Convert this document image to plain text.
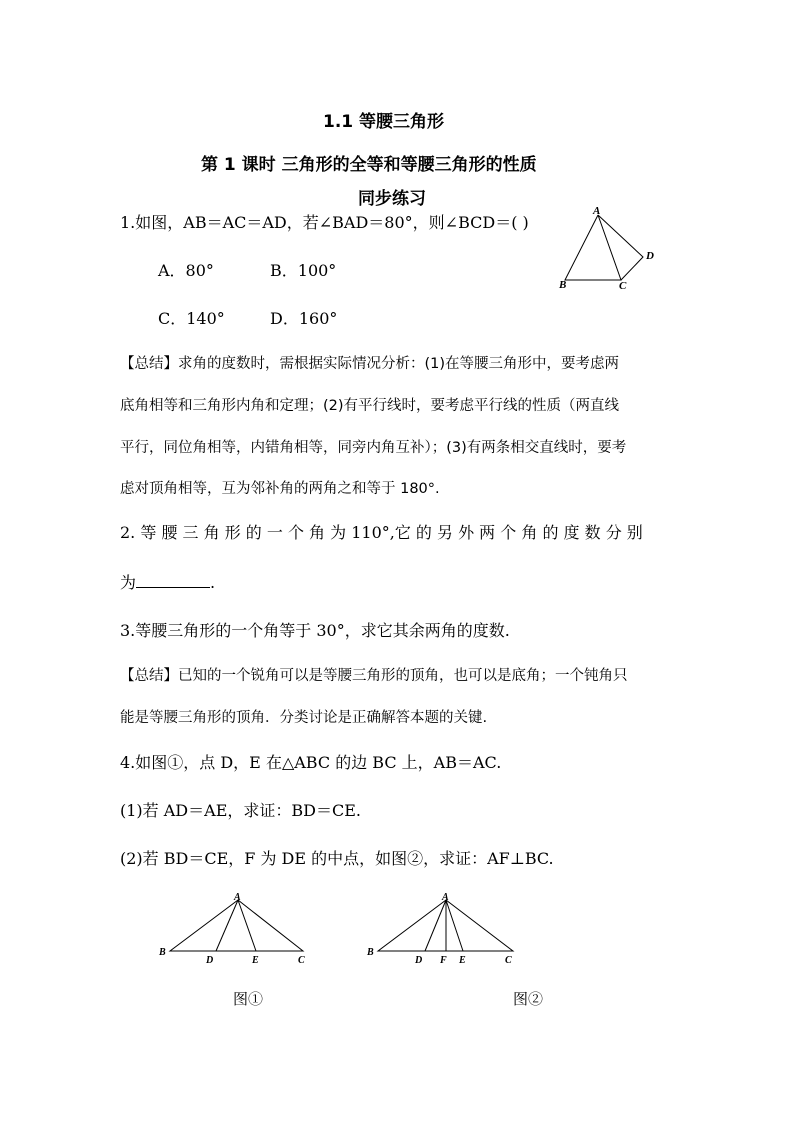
1.1 等腰三角形
第 1 课时 三角形的全等和等腰三角形的性质
同步练习
1.如图，AB＝AC＝AD，若∠BAD＝80°，则∠BCD＝( )
A．80°	B．100°
C．140°	D．160°
A
B	C
D
【总结】求角的度数时，需根据实际情况分析：(1)在等腰三角形中，要考虑两
底角相等和三角形内角和定理；(2)有平行线时，要考虑平行线的性质（两直线
平行，同位角相等，内错角相等，同旁内角互补）；(3)有两条相交直线时，要考
虑对顶角相等，互为邻补角的两角之和等于 180°.
2. 等 腰 三 角 形 的 一 个 角 为 110°,它 的 另 外 两 个 角 的 度 数 分 别
为	.
3.等腰三角形的一个角等于 30°，求它其余两角的度数.
【总结】已知的一个锐角可以是等腰三角形的顶角，也可以是底角；一个钝角只
能是等腰三角形的顶角．分类讨论是正确解答本题的关键.
4.如图①，点 D，E 在△ABC 的边 BC 上，AB＝AC.
(1)若 AD＝AE，求证：BD＝CE.
(2)若 BD＝CE，F 为 DE 的中点，如图②，求证：AF⊥BC.
A
B
D	E	C
A
B
D F E	C
图①	图②
